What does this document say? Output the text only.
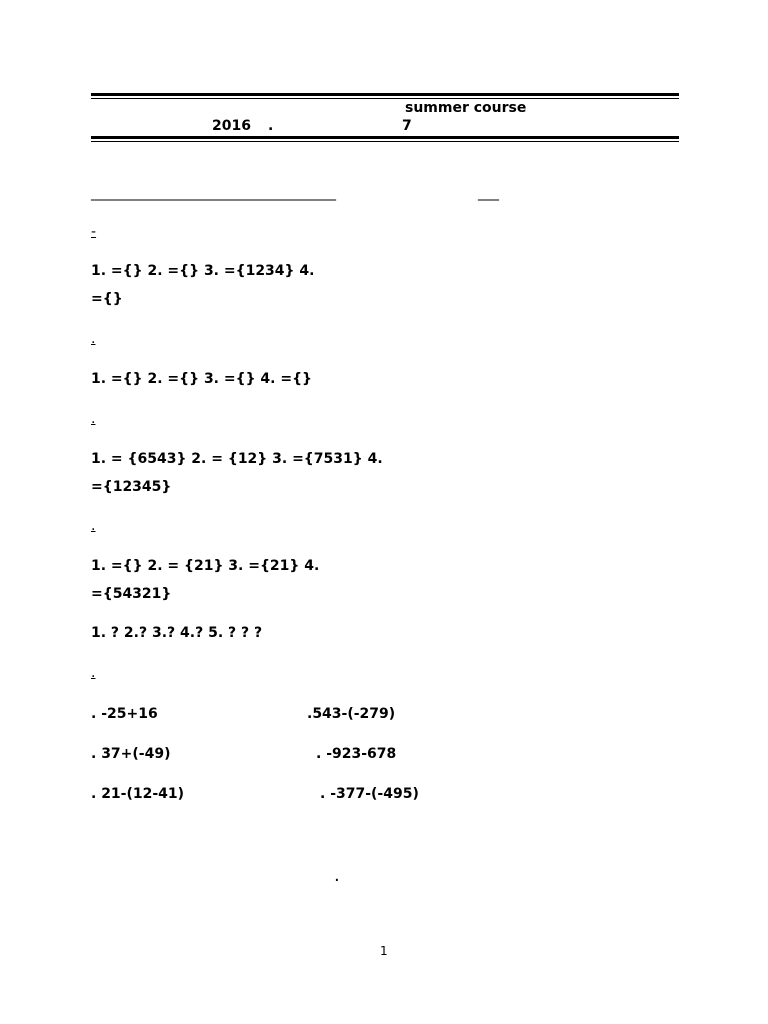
summer course
2016 .	7
___________________________________	___
-
1. ={} 2. ={} 3. ={1234} 4.
={}
.
1. ={} 2. ={} 3. ={} 4. ={}
.
1. = {6543} 2. = {12} 3. ={7531} 4.
={12345}
.
1. ={} 2. = {21} 3. ={21} 4.
={54321}
1. ? 2.? 3.? 4.? 5. ? ? ?
.
. -25+16	.543-(-279)
. 37+(-49)	. -923-678
. 21-(12-41)	. -377-(-495)
.
1
